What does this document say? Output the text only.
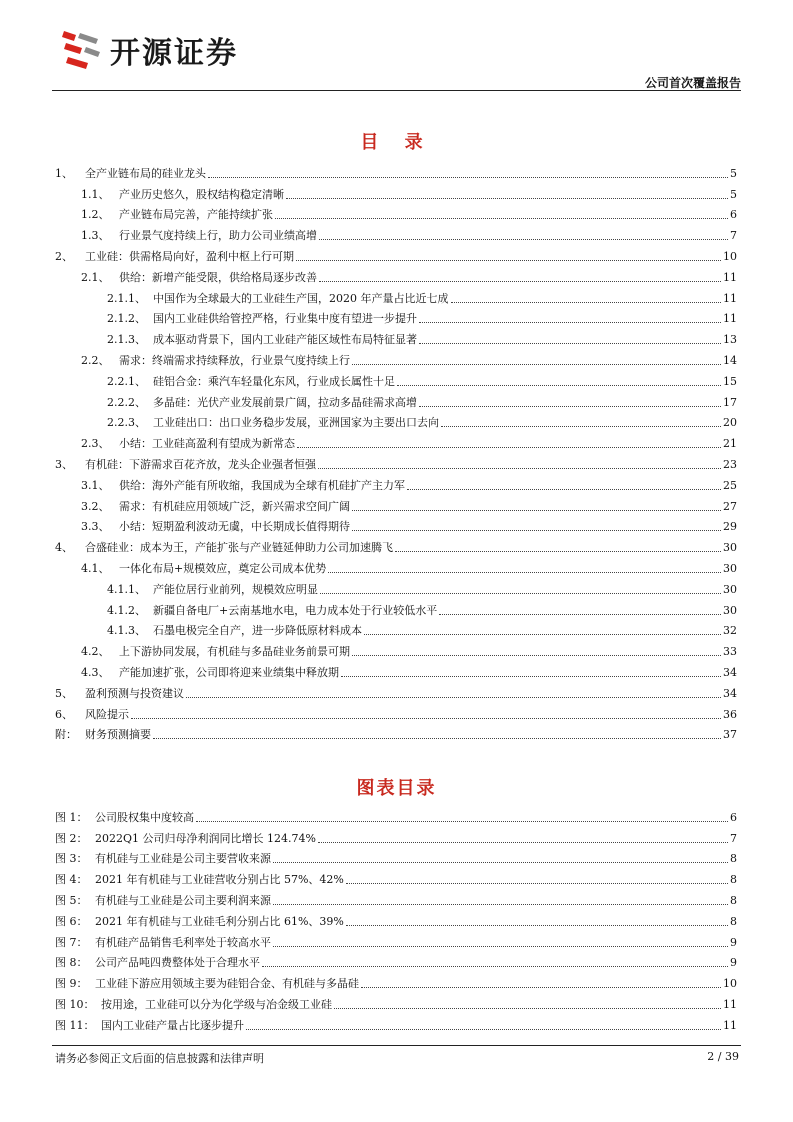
开源证券
公司首次覆盖报告
目 录
1、	全产业链布局的硅业龙头	5
1.1、 产业历史悠久，股权结构稳定清晰	5
1.2、 产业链布局完善，产能持续扩张	6
1.3、 行业景气度持续上行，助力公司业绩高增	7
2、	工业硅：供需格局向好，盈利中枢上行可期	10
2.1、 供给：新增产能受限，供给格局逐步改善	11
2.1.1、 中国作为全球最大的工业硅生产国，2020 年产量占比近七成	11
2.1.2、 国内工业硅供给管控严格，行业集中度有望进一步提升	11
2.1.3、 成本驱动背景下，国内工业硅产能区域性布局特征显著	13
2.2、 需求：终端需求持续释放，行业景气度持续上行	14
2.2.1、 硅铝合金：乘汽车轻量化东风，行业成长属性十足	15
2.2.2、 多晶硅：光伏产业发展前景广阔，拉动多晶硅需求高增	17
2.2.3、 工业硅出口：出口业务稳步发展，亚洲国家为主要出口去向	20
2.3、 小结：工业硅高盈利有望成为新常态	21
3、	有机硅：下游需求百花齐放，龙头企业强者恒强	23
3.1、 供给：海外产能有所收缩，我国成为全球有机硅扩产主力军	25
3.2、 需求：有机硅应用领域广泛，新兴需求空间广阔	27
3.3、 小结：短期盈利波动无虞，中长期成长值得期待	29
4、	合盛硅业：成本为王，产能扩张与产业链延伸助力公司加速腾飞	30
4.1、 一体化布局+规模效应，奠定公司成本优势	30
4.1.1、 产能位居行业前列，规模效应明显	30
4.1.2、 新疆自备电厂+云南基地水电，电力成本处于行业较低水平	30
4.1.3、 石墨电极完全自产，进一步降低原材料成本	32
4.2、 上下游协同发展，有机硅与多晶硅业务前景可期	33
4.3、 产能加速扩张，公司即将迎来业绩集中释放期	34
5、	盈利预测与投资建议	34
6、	风险提示	36
附： 财务预测摘要	37
图表目录
图 1： 公司股权集中度较高	6
图 2： 2022Q1 公司归母净利润同比增长 124.74%	7
图 3： 有机硅与工业硅是公司主要营收来源	8
图 4： 2021 年有机硅与工业硅营收分别占比 57%、42%	8
图 5： 有机硅与工业硅是公司主要利润来源	8
图 6： 2021 年有机硅与工业硅毛利分别占比 61%、39%	8
图 7： 有机硅产品销售毛利率处于较高水平	9
图 8： 公司产品吨四费整体处于合理水平	9
图 9： 工业硅下游应用领域主要为硅铝合金、有机硅与多晶硅	10
图 10： 按用途，工业硅可以分为化学级与冶金级工业硅	11
图 11： 国内工业硅产量占比逐步提升	11
请务必参阅正文后面的信息披露和法律声明	2 / 39
